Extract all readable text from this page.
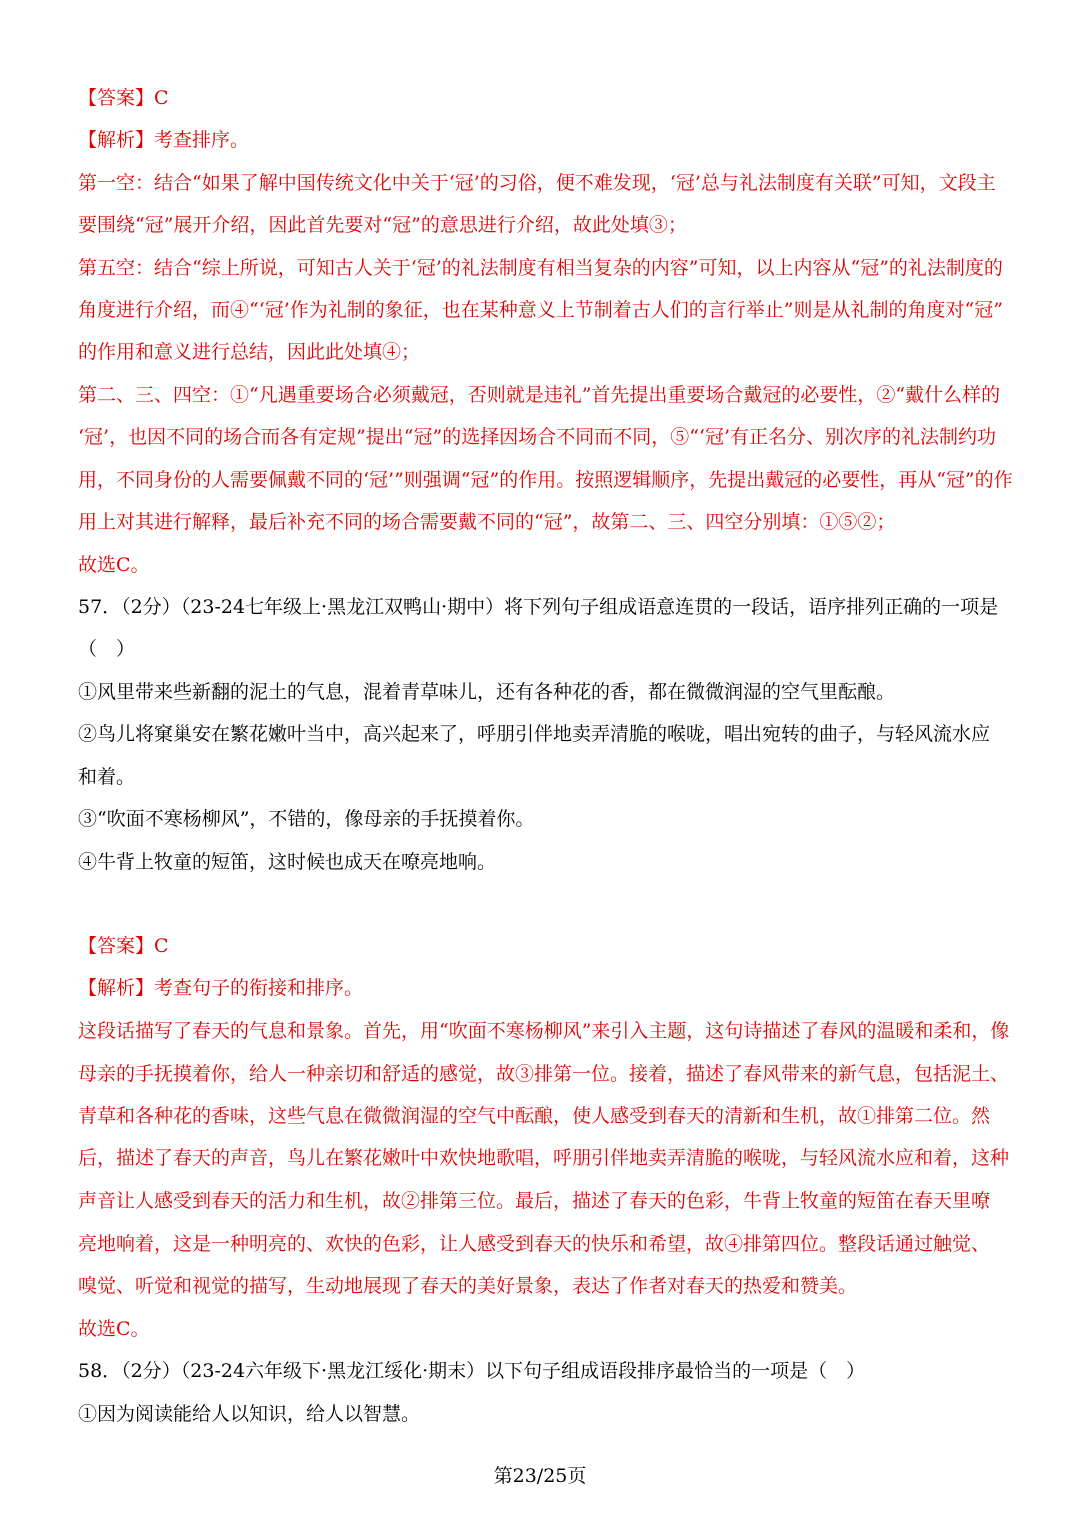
【答案】C
【解析】考查排序。
第一空：结合“如果了解中国传统文化中关于‘冠’的习俗，便不难发现，‘冠’总与礼法制度有关联”可知，文段主
要围绕“冠”展开介绍，因此首先要对“冠”的意思进行介绍，故此处填③；
第五空：结合“综上所说，可知古人关于‘冠’的礼法制度有相当复杂的内容”可知，以上内容从“冠”的礼法制度的
角度进行介绍，而④“‘冠’作为礼制的象征，也在某种意义上节制着古人们的言行举止”则是从礼制的角度对“冠”
的作用和意义进行总结，因此此处填④；
第二、三、四空：①“凡遇重要场合必须戴冠，否则就是违礼”首先提出重要场合戴冠的必要性，②“戴什么样的
‘冠’，也因不同的场合而各有定规”提出“冠”的选择因场合不同而不同，⑤“‘冠’有正名分、别次序的礼法制约功
用，不同身份的人需要佩戴不同的‘冠’”则强调“冠”的作用。按照逻辑顺序，先提出戴冠的必要性，再从“冠”的作
用上对其进行解释，最后补充不同的场合需要戴不同的“冠”，故第二、三、四空分别填：①⑤②；
故选C。
57．（2分）（23-24七年级上·黑龙江双鸭山·期中）将下列句子组成语意连贯的一段话，语序排列正确的一项是
（　）
①风里带来些新翻的泥土的气息，混着青草味儿，还有各种花的香，都在微微润湿的空气里酝酿。
②鸟儿将窠巢安在繁花嫩叶当中，高兴起来了，呼朋引伴地卖弄清脆的喉咙，唱出宛转的曲子，与轻风流水应
和着。
③“吹面不寒杨柳风”，不错的，像母亲的手抚摸着你。
④牛背上牧童的短笛，这时候也成天在嘹亮地响。
【答案】C
【解析】考查句子的衔接和排序。
这段话描写了春天的气息和景象。首先，用“吹面不寒杨柳风”来引入主题，这句诗描述了春风的温暖和柔和，像
母亲的手抚摸着你，给人一种亲切和舒适的感觉，故③排第一位。接着，描述了春风带来的新气息，包括泥土、
青草和各种花的香味，这些气息在微微润湿的空气中酝酿，使人感受到春天的清新和生机，故①排第二位。然
后，描述了春天的声音，鸟儿在繁花嫩叶中欢快地歌唱，呼朋引伴地卖弄清脆的喉咙，与轻风流水应和着，这种
声音让人感受到春天的活力和生机，故②排第三位。最后，描述了春天的色彩，牛背上牧童的短笛在春天里嘹
亮地响着，这是一种明亮的、欢快的色彩，让人感受到春天的快乐和希望，故④排第四位。整段话通过触觉、
嗅觉、听觉和视觉的描写，生动地展现了春天的美好景象，表达了作者对春天的热爱和赞美。
故选C。
58．（2分）（23-24六年级下·黑龙江绥化·期末）以下句子组成语段排序最恰当的一项是（　）
①因为阅读能给人以知识，给人以智慧。
第23/25页
